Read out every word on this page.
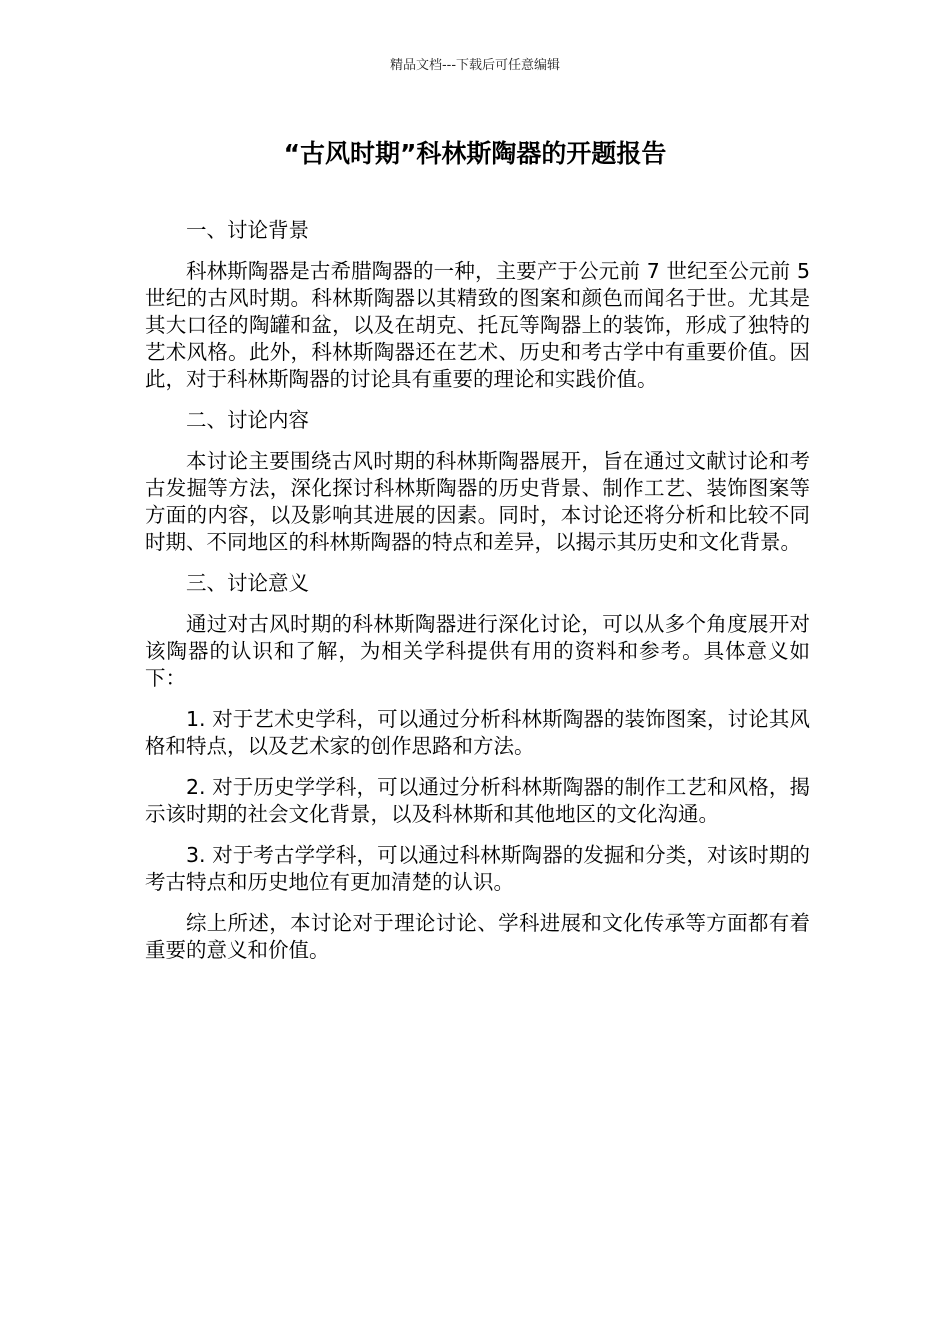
精品文档---下载后可任意编辑
“古风时期”科林斯陶器的开题报告

一、讨论背景

科林斯陶器是古希腊陶器的一种，主要产于公元前 7 世纪至公元前 5 世纪的古风时期。科林斯陶器以其精致的图案和颜色而闻名于世。尤其是其大口径的陶罐和盆，以及在胡克、托瓦等陶器上的装饰，形成了独特的艺术风格。此外，科林斯陶器还在艺术、历史和考古学中有重要价值。因此，对于科林斯陶器的讨论具有重要的理论和实践价值。

二、讨论内容

本讨论主要围绕古风时期的科林斯陶器展开，旨在通过文献讨论和考古发掘等方法，深化探讨科林斯陶器的历史背景、制作工艺、装饰图案等方面的内容，以及影响其进展的因素。同时，本讨论还将分析和比较不同时期、不同地区的科林斯陶器的特点和差异，以揭示其历史和文化背景。

三、讨论意义

通过对古风时期的科林斯陶器进行深化讨论，可以从多个角度展开对该陶器的认识和了解，为相关学科提供有用的资料和参考。具体意义如下：

1. 对于艺术史学科，可以通过分析科林斯陶器的装饰图案，讨论其风格和特点，以及艺术家的创作思路和方法。

2. 对于历史学学科，可以通过分析科林斯陶器的制作工艺和风格，揭示该时期的社会文化背景，以及科林斯和其他地区的文化沟通。

3. 对于考古学学科，可以通过科林斯陶器的发掘和分类，对该时期的考古特点和历史地位有更加清楚的认识。

综上所述，本讨论对于理论讨论、学科进展和文化传承等方面都有着重要的意义和价值。
